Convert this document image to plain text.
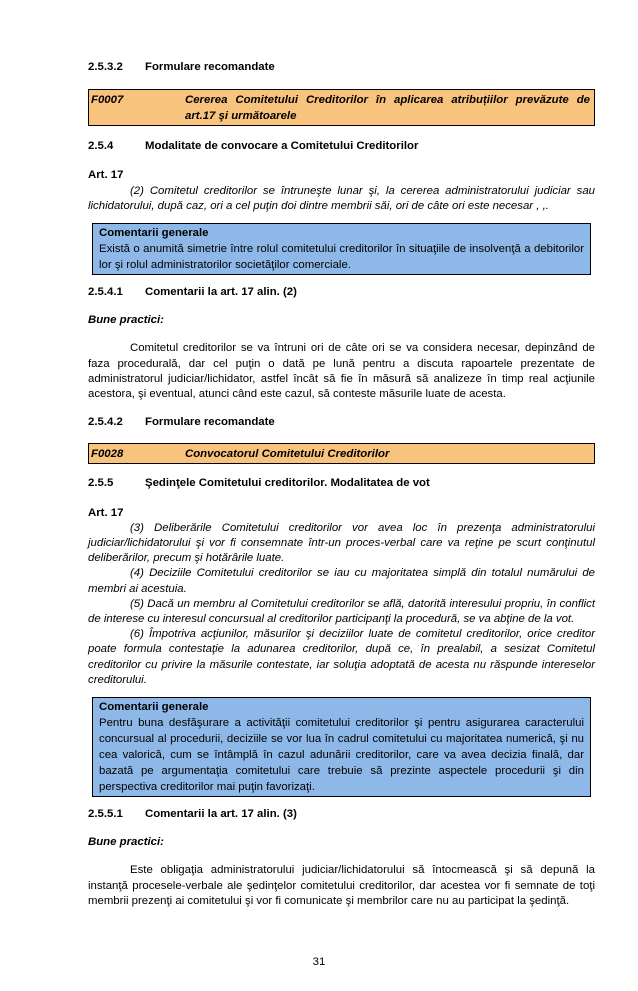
2.5.3.2	Formulare recomandate
F0007	Cererea Comitetului Creditorilor în aplicarea atribuțiilor prevăzute de art.17 şi următoarele
2.5.4	Modalitate de convocare a Comitetului Creditorilor

Art. 17

(2) Comitetul creditorilor se întruneşte lunar şi, la cererea administratorului judiciar sau lichidatorului, după caz, ori a cel puţin doi dintre membrii săi, ori de câte ori este necesar , ,.

Comentarii generale
Există o anumită simetrie între rolul comitetului creditorilor în situaţiile de insolvenţă a debitorilor lor şi rolul administratorilor societăţilor comerciale.
2.5.4.1	Comentarii la art. 17 alin. (2)

Bune practici:

Comitetul creditorilor se va întruni ori de câte ori se va considera necesar, depinzând de faza procedurală, dar cel puţin o dată pe lună pentru a discuta rapoartele prezentate de administratorul judiciar/lichidator, astfel încât să fie în măsură să analizeze în timp real acţiunile acestora, şi eventual, atunci când este cazul, să conteste măsurile luate de acesta.

2.5.4.2	Formulare recomandate
F0028	Convocatorul Comitetului Creditorilor
2.5.5	Şedinţele Comitetului creditorilor. Modalitatea de vot

Art. 17

(3) Deliberările Comitetului creditorilor vor avea loc în prezenţa administratorului judiciar/lichidatorului şi vor fi consemnate într-un proces-verbal care va reţine pe scurt conţinutul deliberărilor, precum şi hotărârile luate.

(4) Deciziile Comitetului creditorilor se iau cu majoritatea simplă din totalul numărului de membri ai acestuia.

(5) Dacă un membru al Comitetului creditorilor se află, datorită interesului propriu, în conflict de interese cu interesul concursual al creditorilor participanţi la procedură, se va abţine de la vot.

(6) Împotriva acţiunilor, măsurilor şi deciziilor luate de comitetul creditorilor, orice creditor poate formula contestaţie la adunarea creditorilor, după ce, în prealabil, a sesizat Comitetul creditorilor cu privire la măsurile contestate, iar soluţia adoptată de acesta nu răspunde intereselor creditorului.

Comentarii generale
Pentru buna desfăşurare a activităţii comitetului creditorilor şi pentru asigurarea caracterului concursual al procedurii, deciziile se vor lua în cadrul comitetului cu majoritatea numerică, şi nu cea valorică, cum se întâmplă în cazul adunării creditorilor, care va avea decizia finală, dar bazată pe argumentaţia comitetului care trebuie să prezinte aspectele procedurii şi din perspectiva creditorilor mai puţin favorizaţi.
2.5.5.1	Comentarii la art. 17 alin. (3)

Bune practici:

Este obligaţia administratorului judiciar/lichidatorului să întocmească şi să depună la instanţă procesele-verbale ale şedinţelor comitetului creditorilor, dar acestea vor fi semnate de toţi membrii prezenţi ai comitetului şi vor fi comunicate şi membrilor care nu au participat la şedinţă.

31
